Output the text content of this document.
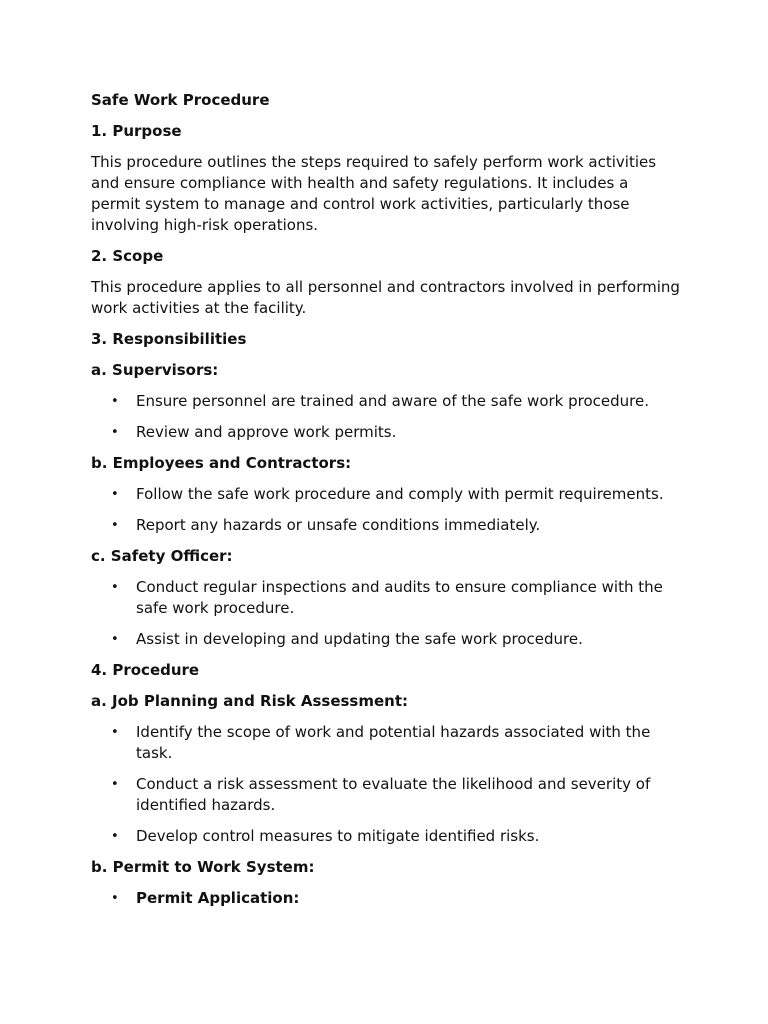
Safe Work Procedure
1. Purpose
This procedure outlines the steps required to safely perform work activities and ensure compliance with health and safety regulations. It includes a permit system to manage and control work activities, particularly those involving high-risk operations.
2. Scope
This procedure applies to all personnel and contractors involved in performing work activities at the facility.
3. Responsibilities
a. Supervisors:
• Ensure personnel are trained and aware of the safe work procedure.
• Review and approve work permits.
b. Employees and Contractors:
• Follow the safe work procedure and comply with permit requirements.
• Report any hazards or unsafe conditions immediately.
c. Safety Officer:
• Conduct regular inspections and audits to ensure compliance with the safe work procedure.
• Assist in developing and updating the safe work procedure.
4. Procedure
a. Job Planning and Risk Assessment:
• Identify the scope of work and potential hazards associated with the task.
• Conduct a risk assessment to evaluate the likelihood and severity of identified hazards.
• Develop control measures to mitigate identified risks.
b. Permit to Work System:
• Permit Application:
